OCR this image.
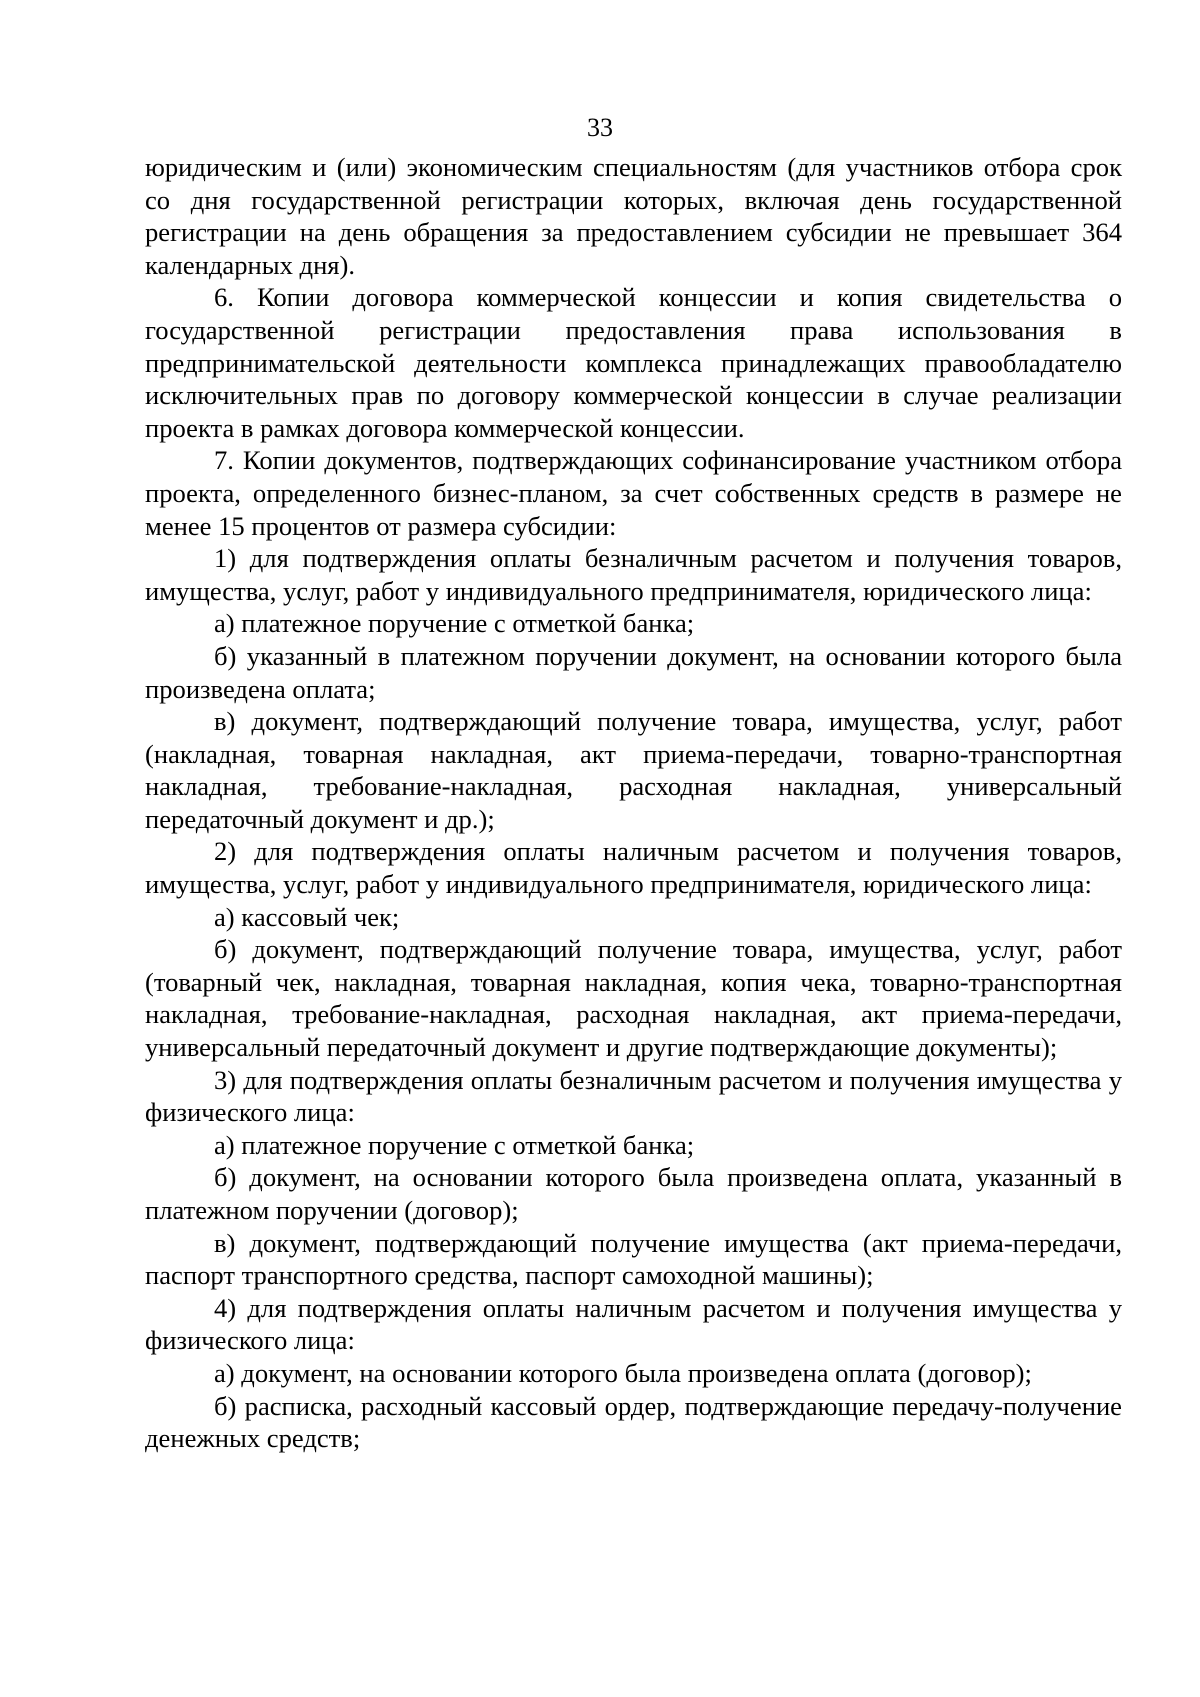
33

юридическим и (или) экономическим специальностям (для участников отбора срок со дня государственной регистрации которых, включая день государственной регистрации на день обращения за предоставлением субсидии не превышает 364 календарных дня).

6. Копии договора коммерческой концессии и копия свидетельства о государственной регистрации предоставления права использования в предпринимательской деятельности комплекса принадлежащих правообладателю исключительных прав по договору коммерческой концессии в случае реализации проекта в рамках договора коммерческой концессии.

7. Копии документов, подтверждающих софинансирование участником отбора проекта, определенного бизнес-планом, за счет собственных средств в размере не менее 15 процентов от размера субсидии:

1) для подтверждения оплаты безналичным расчетом и получения товаров, имущества, услуг, работ у индивидуального предпринимателя, юридического лица:

а) платежное поручение с отметкой банка;

б) указанный в платежном поручении документ, на основании которого была произведена оплата;

в) документ, подтверждающий получение товара, имущества, услуг, работ (накладная, товарная накладная, акт приема-передачи, товарно-транспортная накладная, требование-накладная, расходная накладная, универсальный передаточный документ и др.);

2) для подтверждения оплаты наличным расчетом и получения товаров, имущества, услуг, работ у индивидуального предпринимателя, юридического лица:

а) кассовый чек;

б) документ, подтверждающий получение товара, имущества, услуг, работ (товарный чек, накладная, товарная накладная, копия чека, товарно-транспортная накладная, требование-накладная, расходная накладная, акт приема-передачи, универсальный передаточный документ и другие подтверждающие документы);

3) для подтверждения оплаты безналичным расчетом и получения имущества у физического лица:

а) платежное поручение с отметкой банка;

б) документ, на основании которого была произведена оплата, указанный в платежном поручении (договор);

в) документ, подтверждающий получение имущества (акт приема-передачи, паспорт транспортного средства, паспорт самоходной машины);

4) для подтверждения оплаты наличным расчетом и получения имущества у физического лица:

а) документ, на основании которого была произведена оплата (договор);

б) расписка, расходный кассовый ордер, подтверждающие передачу-получение денежных средств;
